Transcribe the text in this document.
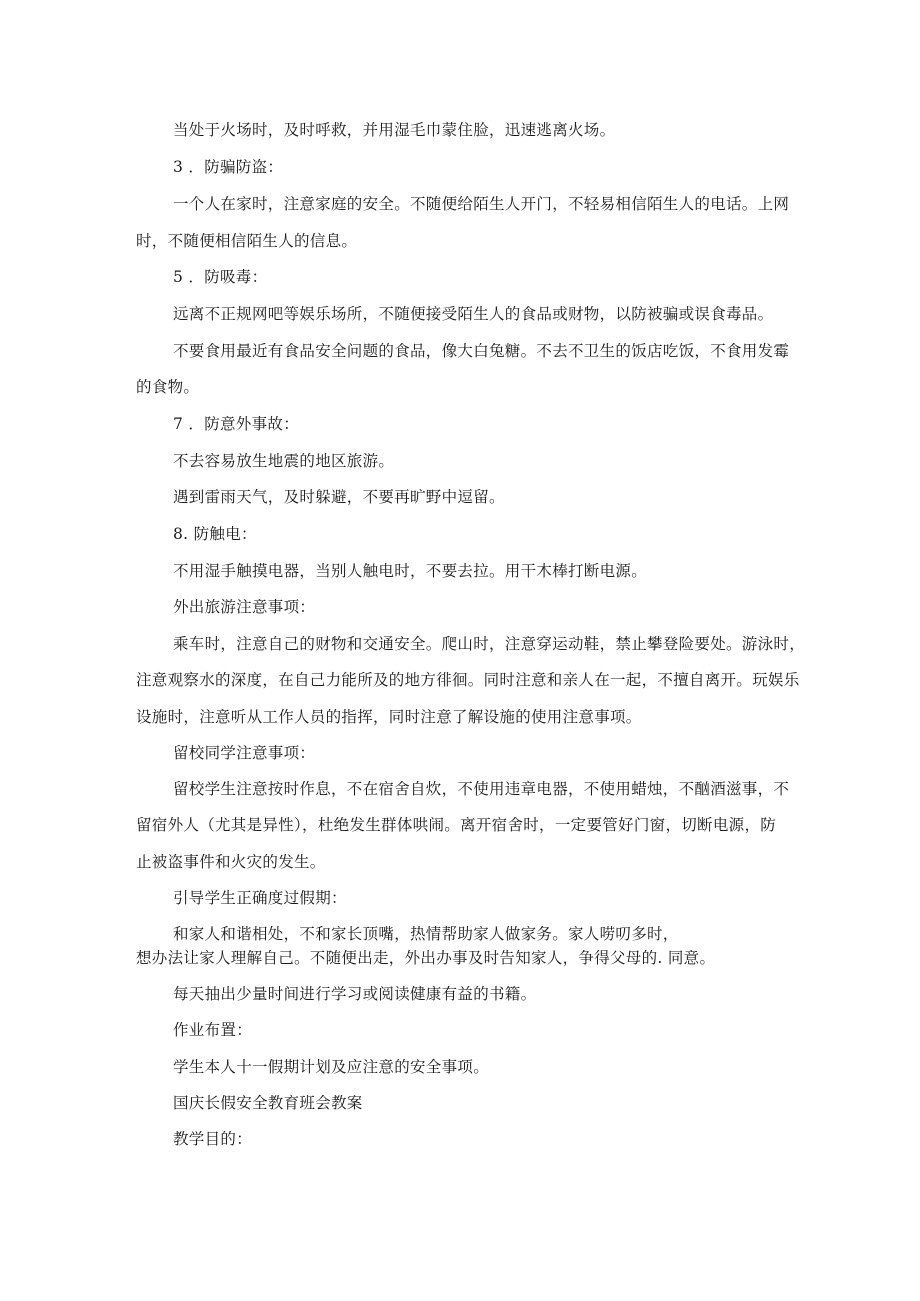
当处于火场时，及时呼救，并用湿毛巾蒙住脸，迅速逃离火场。
3 ．防骗防盗：
一个人在家时，注意家庭的安全。不随便给陌生人开门，不轻易相信陌生人的电话。上网
时，不随便相信陌生人的信息。
5 ．防吸毒：
远离不正规网吧等娱乐场所，不随便接受陌生人的食品或财物，以防被骗或误食毒品。
不要食用最近有食品安全问题的食品，像大白兔糖。不去不卫生的饭店吃饭，不食用发霉
的食物。
7 ．防意外事故：
不去容易放生地震的地区旅游。
遇到雷雨天气，及时躲避，不要再旷野中逗留。
8. 防触电：
不用湿手触摸电器，当别人触电时，不要去拉。用干木棒打断电源。
外出旅游注意事项：
乘车时，注意自己的财物和交通安全。爬山时，注意穿运动鞋，禁止攀登险要处。游泳时，
注意观察水的深度，在自己力能所及的地方徘徊。同时注意和亲人在一起，不擅自离开。玩娱乐
设施时，注意听从工作人员的指挥，同时注意了解设施的使用注意事项。
留校同学注意事项：
留校学生注意按时作息，不在宿舍自炊，不使用违章电器，不使用蜡烛，不酗酒滋事，不
留宿外人（尤其是异性），杜绝发生群体哄闹。离开宿舍时，一定要管好门窗，切断电源，防
止被盗事件和火灾的发生。
引导学生正确度过假期：
和家人和谐相处，不和家长顶嘴，热情帮助家人做家务。家人唠叨多时，
想办法让家人理解自己。不随便出走，外出办事及时告知家人，争得父母的. 同意。
每天抽出少量时间进行学习或阅读健康有益的书籍。
作业布置：
学生本人十一假期计划及应注意的安全事项。
国庆长假安全教育班会教案
教学目的：
